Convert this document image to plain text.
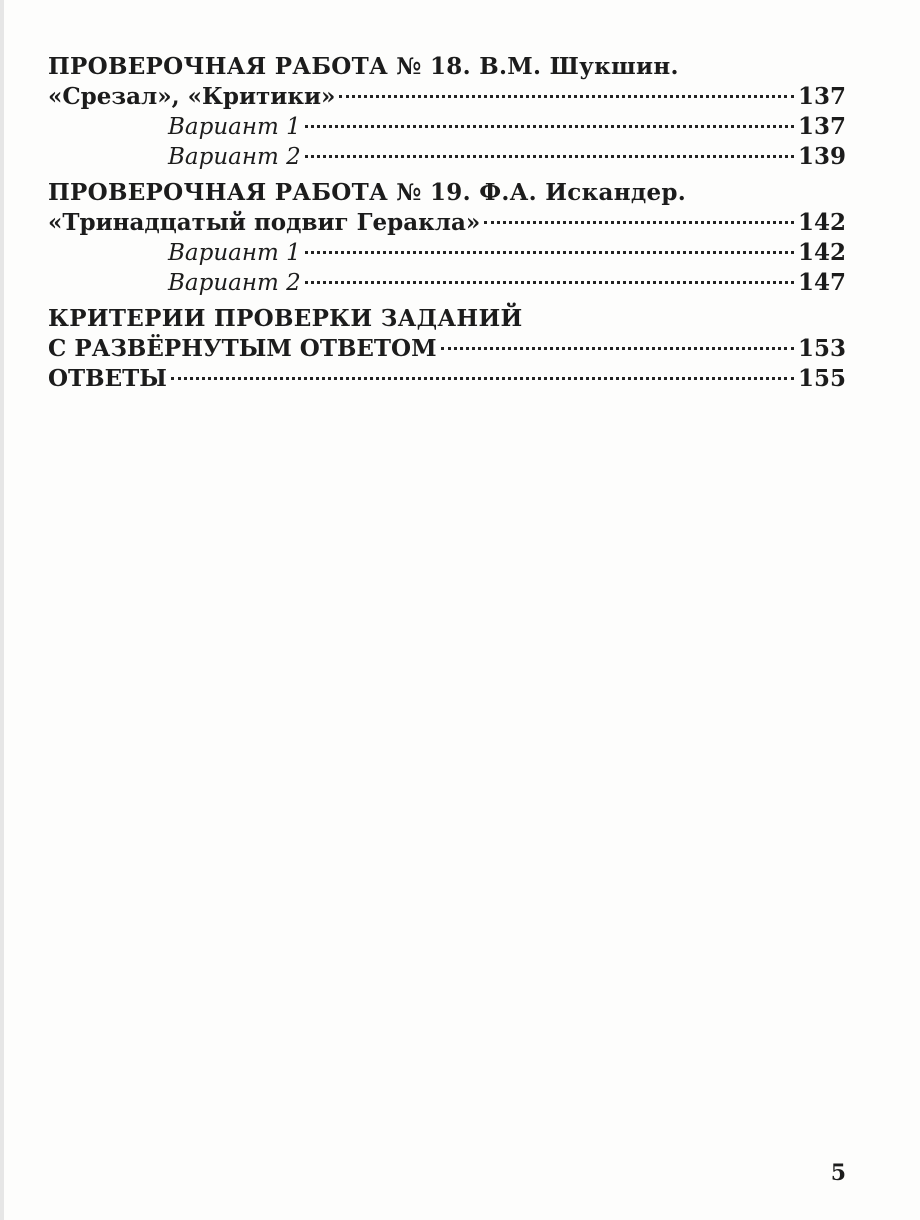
ПРОВЕРОЧНАЯ РАБОТА № 18. В.М. Шукшин.
«Срезал», «Критики»	137
Вариант 1	137
Вариант 2	139
ПРОВЕРОЧНАЯ РАБОТА № 19. Ф.А. Искандер.
«Тринадцатый подвиг Геракла»	142
Вариант 1	142
Вариант 2	147
КРИТЕРИИ ПРОВЕРКИ ЗАДАНИЙ
С РАЗВЁРНУТЫМ ОТВЕТОМ	153
ОТВЕТЫ	155
5
